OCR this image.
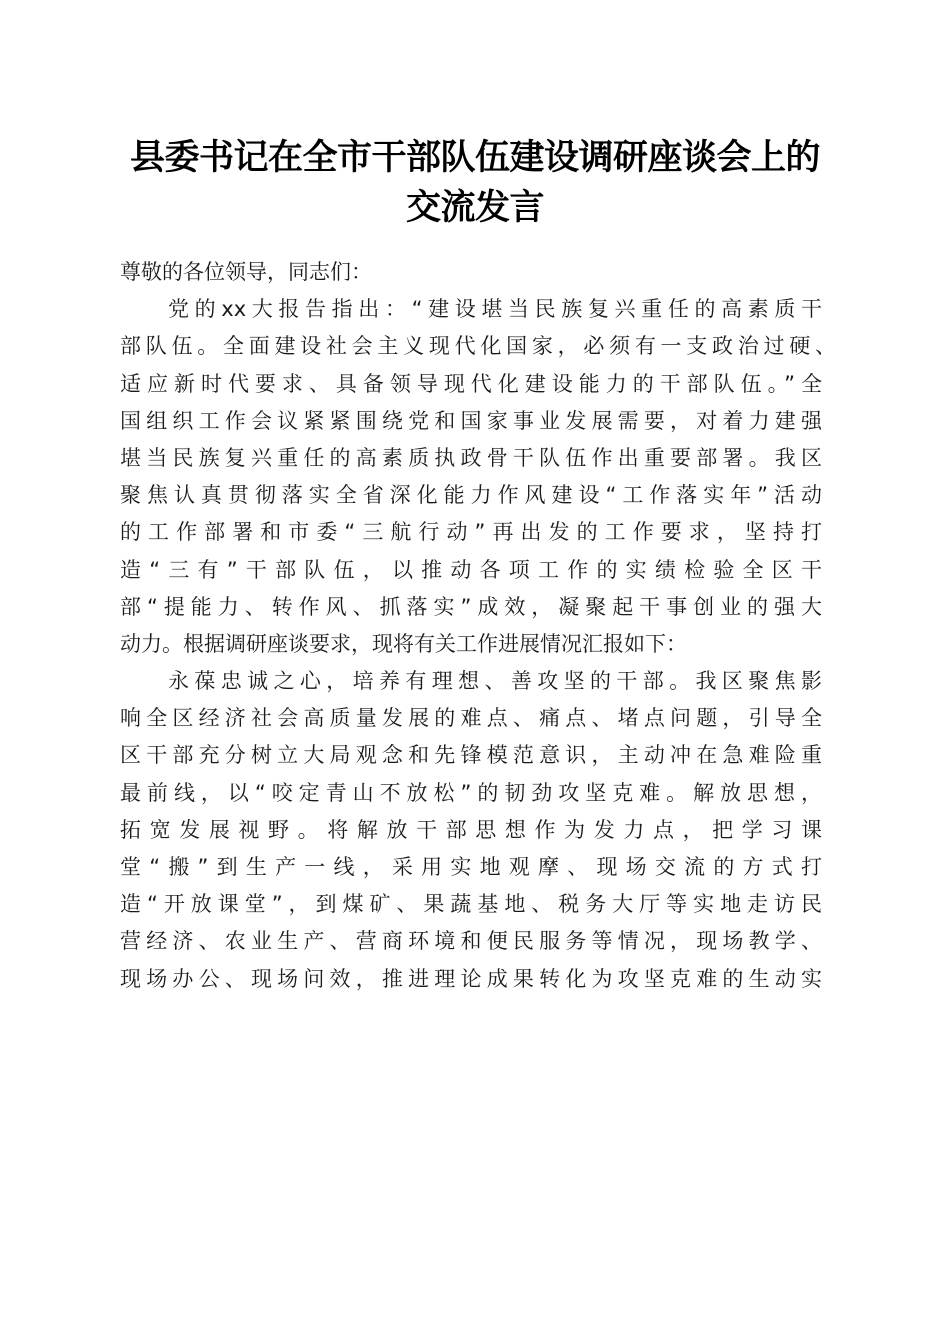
县委书记在全市干部队伍建设调研座谈会上的
交流发言
尊敬的各位领导，同志们：
党的xx大报告指出：“建设堪当民族复兴重任的高素质干
部队伍。全面建设社会主义现代化国家，必须有一支政治过硬、
适应新时代要求、具备领导现代化建设能力的干部队伍。”全
国组织工作会议紧紧围绕党和国家事业发展需要，对着力建强
堪当民族复兴重任的高素质执政骨干队伍作出重要部署。我区
聚焦认真贯彻落实全省深化能力作风建设“工作落实年”活动
的工作部署和市委“三航行动”再出发的工作要求，坚持打
造“三有”干部队伍，以推动各项工作的实绩检验全区干
部“提能力、转作风、抓落实”成效，凝聚起干事创业的强大
动力。根据调研座谈要求，现将有关工作进展情况汇报如下：
永葆忠诚之心，培养有理想、善攻坚的干部。我区聚焦影
响全区经济社会高质量发展的难点、痛点、堵点问题，引导全
区干部充分树立大局观念和先锋模范意识，主动冲在急难险重
最前线，以“咬定青山不放松”的韧劲攻坚克难。解放思想，
拓宽发展视野。将解放干部思想作为发力点，把学习课
堂“搬”到生产一线，采用实地观摩、现场交流的方式打
造“开放课堂”，到煤矿、果蔬基地、税务大厅等实地走访民
营经济、农业生产、营商环境和便民服务等情况，现场教学、
现场办公、现场问效，推进理论成果转化为攻坚克难的生动实
